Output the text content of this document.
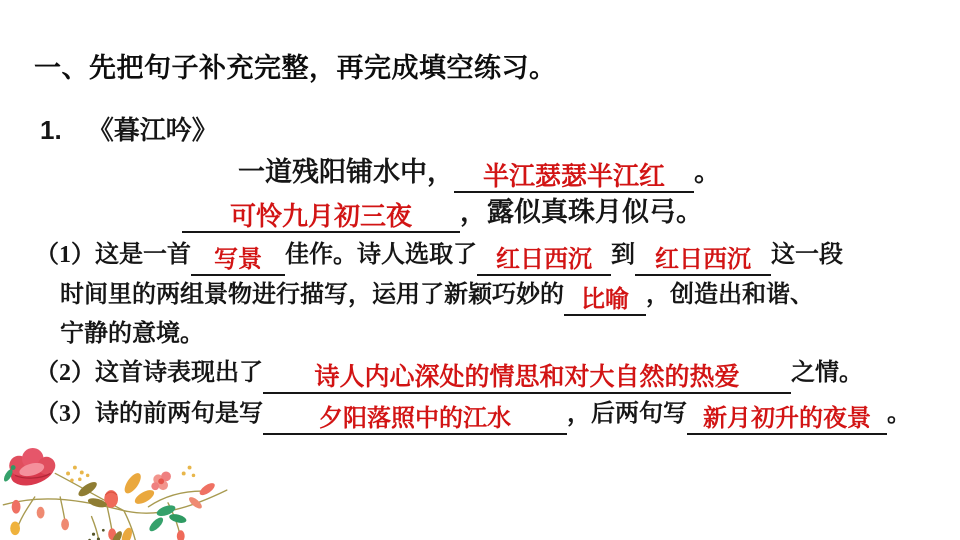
一、先把句子补充完整，再完成填空练习。
1. 《暮江吟》
一道残阳铺水中， 半江瑟瑟半江红 。
可怜九月初三夜 ，露似真珠月似弓。
（1）这是一首 写景 佳作。诗人选取了 红日西沉 到 红日西沉 这一段
时间里的两组景物进行描写，运用了新颖巧妙的 比喻 ，创造出和谐、
宁静的意境。
（2）这首诗表现出了 诗人内心深处的情思和对大自然的热爱 之情。
（3）诗的前两句是写 夕阳落照中的江水 ，后两句写 新月初升的夜景 。
